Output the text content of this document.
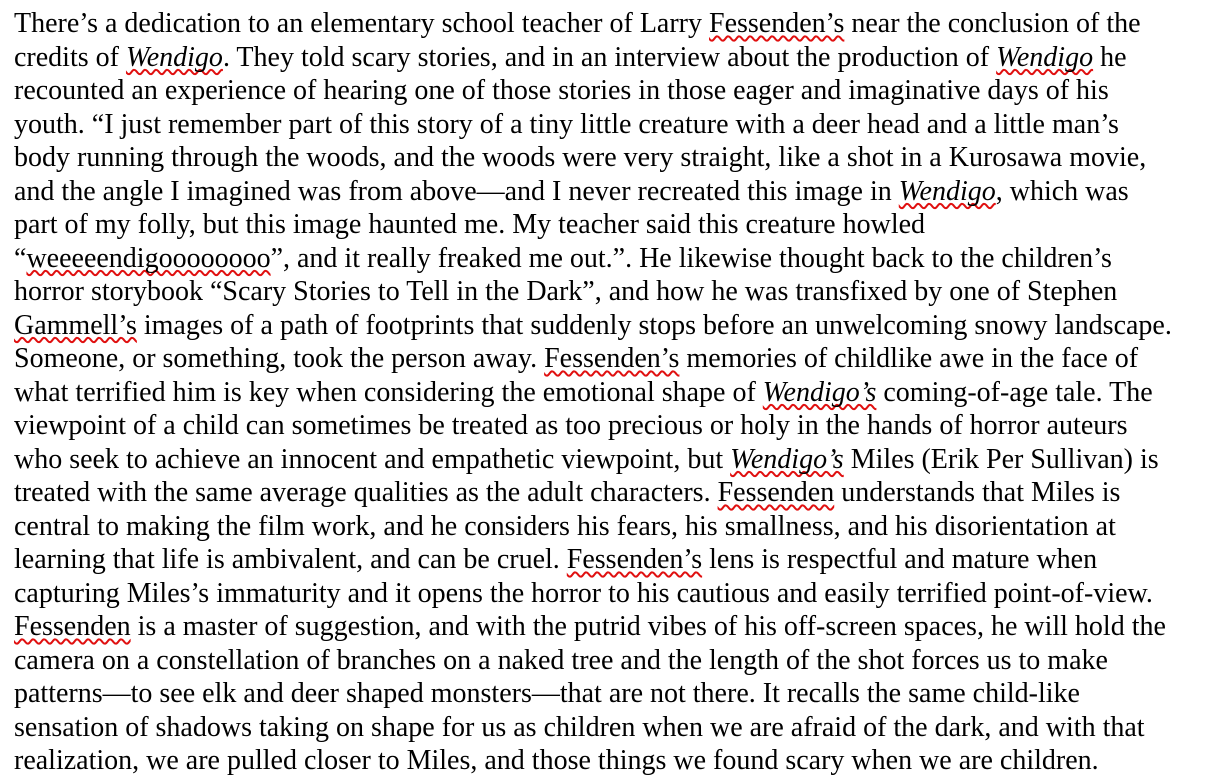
There’s a dedication to an elementary school teacher of Larry Fessenden’s near the conclusion of the
credits of Wendigo. They told scary stories, and in an interview about the production of Wendigo he
recounted an experience of hearing one of those stories in those eager and imaginative days of his
youth. “I just remember part of this story of a tiny little creature with a deer head and a little man’s
body running through the woods, and the woods were very straight, like a shot in a Kurosawa movie,
and the angle I imagined was from above—and I never recreated this image in Wendigo, which was
part of my folly, but this image haunted me. My teacher said this creature howled
“weeeeendigoooooooo”, and it really freaked me out.”. He likewise thought back to the children’s
horror storybook “Scary Stories to Tell in the Dark”, and how he was transfixed by one of Stephen
Gammell’s images of a path of footprints that suddenly stops before an unwelcoming snowy landscape.
Someone, or something, took the person away. Fessenden’s memories of childlike awe in the face of
what terrified him is key when considering the emotional shape of Wendigo’s coming-of-age tale. The
viewpoint of a child can sometimes be treated as too precious or holy in the hands of horror auteurs
who seek to achieve an innocent and empathetic viewpoint, but Wendigo’s Miles (Erik Per Sullivan) is
treated with the same average qualities as the adult characters. Fessenden understands that Miles is
central to making the film work, and he considers his fears, his smallness, and his disorientation at
learning that life is ambivalent, and can be cruel. Fessenden’s lens is respectful and mature when
capturing Miles’s immaturity and it opens the horror to his cautious and easily terrified point-of-view.
Fessenden is a master of suggestion, and with the putrid vibes of his off-screen spaces, he will hold the
camera on a constellation of branches on a naked tree and the length of the shot forces us to make
patterns—to see elk and deer shaped monsters—that are not there. It recalls the same child-like
sensation of shadows taking on shape for us as children when we are afraid of the dark, and with that
realization, we are pulled closer to Miles, and those things we found scary when we are children.
